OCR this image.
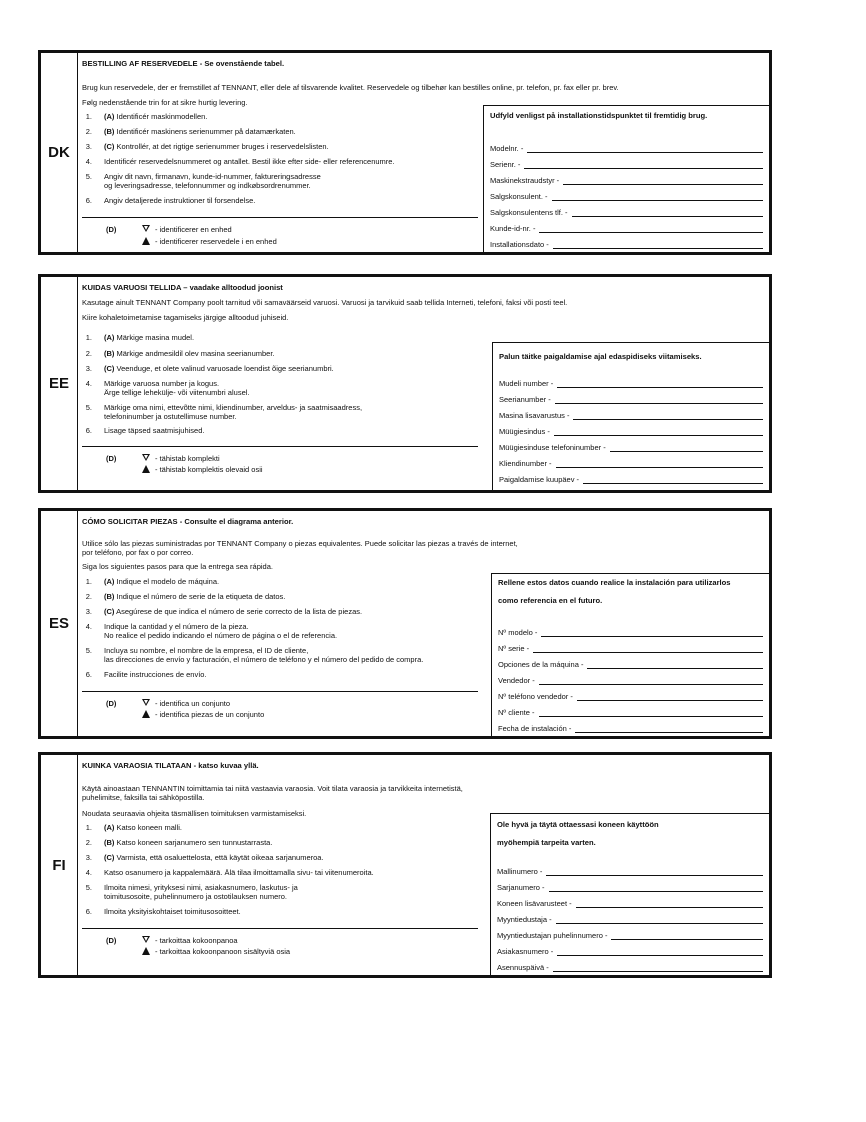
DK
BESTILLING AF RESERVEDELE - Se ovenstående tabel.
Brug kun reservedele, der er fremstillet af TENNANT, eller dele af tilsvarende kvalitet. Reservedele og tilbehør kan bestilles online, pr. telefon, pr. fax eller pr. brev.
Følg nedenstående trin for at sikre hurtig levering.
1. (A) Identificér maskinmodellen.
2. (B) Identificér maskinens serienummer på datamærkaten.
3. (C) Kontrollér, at det rigtige serienummer bruges i reservedelslisten.
4. Identificér reservedelsnummeret og antallet. Bestil ikke efter side- eller referencenumre.
5. Angiv dit navn, firmanavn, kunde-id-nummer, faktureringsadresse
og leveringsadresse, telefonnummer og indkøbsordrenummer.
6. Angiv detaljerede instruktioner til forsendelse.
(D)	- identificerer en enhed
- identificerer reservedele i en enhed
Udfyld venligst på installationstidspunktet til fremtidig brug.
Modelnr. -
Serienr. -
Maskinekstraudstyr -
Salgskonsulent. -
Salgskonsulentens tlf. -
Kunde-id-nr. -
Installationsdato -
EE
KUIDAS VARUOSI TELLIDA – vaadake alltoodud joonist
Kasutage ainult TENNANT Company poolt tarnitud või samaväärseid varuosi. Varuosi ja tarvikuid saab tellida Interneti, telefoni, faksi või posti teel.
Kiire kohaletoimetamise tagamiseks järgige alltoodud juhiseid.
1. (A) Märkige masina mudel.
2. (B) Märkige andmesildil olev masina seerianumber.
3. (C) Veenduge, et olete valinud varuosade loendist õige seerianumbri.
4. Märkige varuosa number ja kogus.
Ärge tellige leheküljе- või viitenumbri alusel.
5. Märkige oma nimi, ettevõtte nimi, kliendinumber, arveldus- ja saatmisaadress,
telefoninumber ja ostutellimuse number.
6. Lisage täpsed saatmisjuhised.
(D)	- tähistab komplekti
- tähistab komplektis olevaid osii
Palun täitke paigaldamise ajal edaspidiseks viitamiseks.
Mudeli number -
Seerianumber -
Masina lisavarustus -
Müügiesindus -
Müügiesinduse telefoninumber -
Kliendinumber -
Paigaldamise kuupäev -
ES
CÓMO SOLICITAR PIEZAS - Consulte el diagrama anterior.
Utilice sólo las piezas suministradas por TENNANT Company o piezas equivalentes. Puede solicitar las piezas a través de internet,
por teléfono, por fax o por correo.
Siga los siguientes pasos para que la entrega sea rápida.
1. (A) Indique el modelo de máquina.
2. (B) Indique el número de serie de la etiqueta de datos.
3. (C) Asegúrese de que indica el número de serie correcto de la lista de piezas.
4. Indique la cantidad y el número de la pieza.
No realice el pedido indicando el número de página o el de referencia.
5. Incluya su nombre, el nombre de la empresa, el ID de cliente,
las direcciones de envío y facturación, el número de teléfono y el número del pedido de compra.
6. Facilite instrucciones de envío.
(D)	- identifica un conjunto
- identifica piezas de un conjunto
Rellene estos datos cuando realice la instalación para utilizarlos
como referencia en el futuro.
Nº modelo -
Nº serie -
Opciones de la máquina -
Vendedor -
Nº teléfono vendedor -
Nº cliente -
Fecha de instalación -
FI
KUINKA VARAOSIA TILATAAN - katso kuvaa yllä.
Käytä ainoastaan TENNANTIN toimittamia tai niitä vastaavia varaosia. Voit tilata varaosia ja tarvikkeita internetistä,
puhelimitse, faksilla tai sähköpostilla.
Noudata seuraavia ohjeita täsmällisen toimituksen varmistamiseksi.
1. (A) Katso koneen malli.
2. (B) Katso koneen sarjanumero sen tunnustarrasta.
3. (C) Varmista, että osaluettelosta, että käytät oikeaa sarjanumeroa.
4. Katso osanumero ja kappalemäärä. Älä tilaa ilmoittamalla sivu- tai viitenumeroita.
5. Ilmoita nimesi, yrityksesi nimi, asiakasnumero, laskutus- ja
toimitusosoite, puhelinnumero ja ostotilauksen numero.
6. Ilmoita yksityiskohtaiset toimitusosoitteet.
(D)	- tarkoittaa kokoonpanoa
- tarkoittaa kokoonpanoon sisältyviä osia
Ole hyvä ja täytä ottaessasi koneen käyttöön
myöhempiä tarpeita varten.
Mallinumero -
Sarjanumero -
Koneen lisävarusteet -
Myyntiedustaja -
Myyntiedustajan puhelinnumero -
Asiakasnumero -
Asennuspäivä -
